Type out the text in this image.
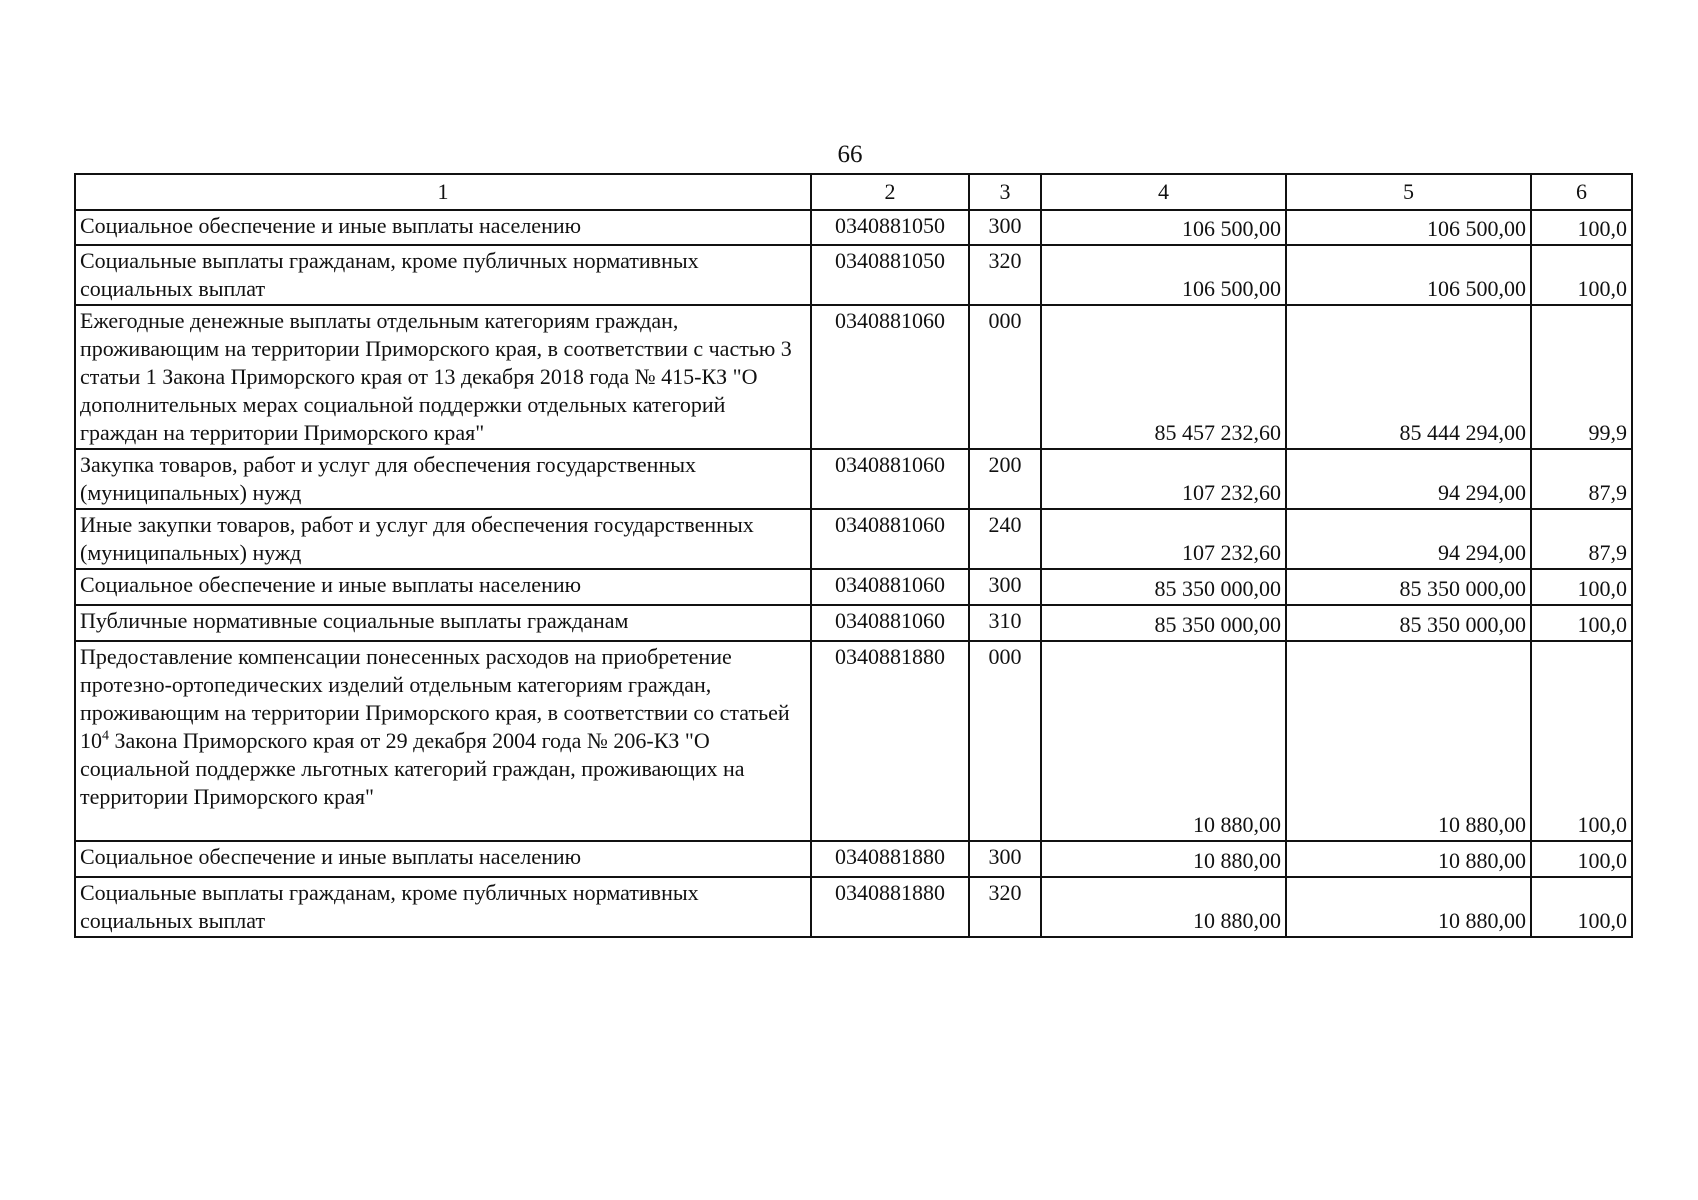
66
1	2	3	4	5	6
Социальное обеспечение и иные выплаты населению	0340881050	300	106 500,00	106 500,00	100,0
Социальные выплаты гражданам, кроме публичных нормативных социальных выплат	0340881050	320	106 500,00	106 500,00	100,0
Ежегодные денежные выплаты отдельным категориям граждан, проживающим на территории Приморского края, в соответствии с частью 3 статьи 1 Закона Приморского края от 13 декабря 2018 года № 415-КЗ "О дополнительных мерах социальной поддержки отдельных категорий граждан на территории Приморского края"	0340881060	000	85 457 232,60	85 444 294,00	99,9
Закупка товаров, работ и услуг для обеспечения государственных (муниципальных) нужд	0340881060	200	107 232,60	94 294,00	87,9
Иные закупки товаров, работ и услуг для обеспечения государственных (муниципальных) нужд	0340881060	240	107 232,60	94 294,00	87,9
Социальное обеспечение и иные выплаты населению	0340881060	300	85 350 000,00	85 350 000,00	100,0
Публичные нормативные социальные выплаты гражданам	0340881060	310	85 350 000,00	85 350 000,00	100,0
Предоставление компенсации понесенных расходов на приобретение протезно-ортопедических изделий отдельным категориям граждан, проживающим на территории Приморского края, в соответствии со статьей $10^4$ Закона Приморского края от 29 декабря 2004 года № 206-КЗ "О социальной поддержке льготных категорий граждан, проживающих на территории Приморского края"	0340881880	000	10 880,00	10 880,00	100,0
Социальное обеспечение и иные выплаты населению	0340881880	300	10 880,00	10 880,00	100,0
Социальные выплаты гражданам, кроме публичных нормативных социальных выплат	0340881880	320	10 880,00	10 880,00	100,0
